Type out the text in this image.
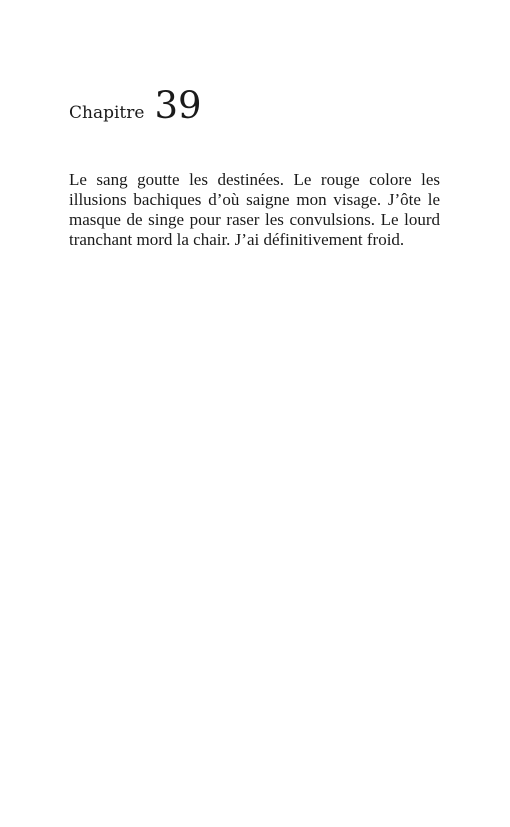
Chapitre 39

Le sang goutte les destinées. Le rouge colore les illusions bachiques d’où saigne mon visage. J’ôte le masque de singe pour raser les convulsions. Le lourd tranchant mord la chair. J’ai définitivement froid.
